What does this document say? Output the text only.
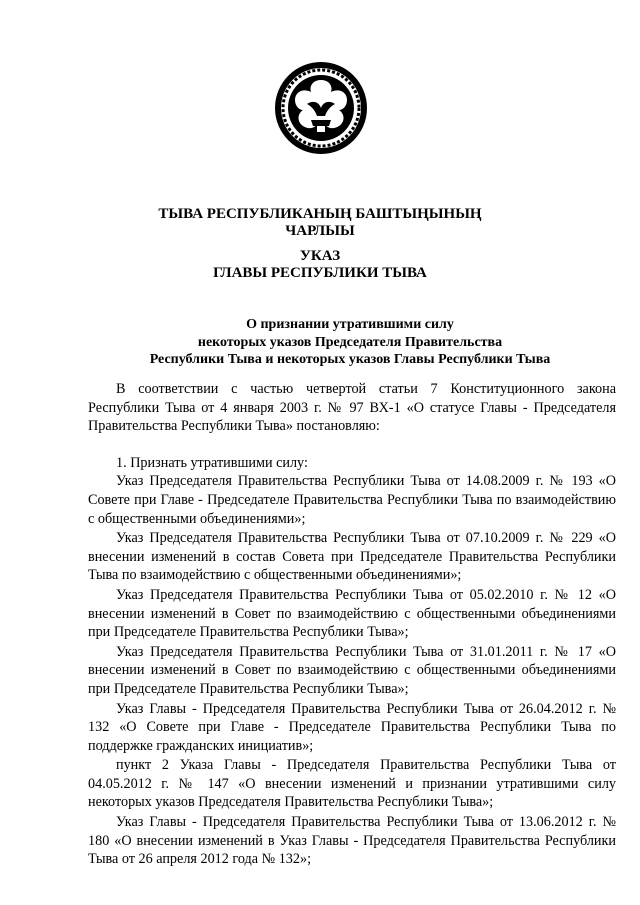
ТЫВА РЕСПУБЛИКАНЫҢ БАШТЫҢЫНЫҢ
ЧАРЛЫЫ
УКАЗ
ГЛАВЫ РЕСПУБЛИКИ ТЫВА
О признании утратившими силу
некоторых указов Председателя Правительства
Республики Тыва и некоторых указов Главы Республики Тыва

В соответствии с частью четвертой статьи 7 Конституционного закона Республики Тыва от 4 января 2003 г. № 97 ВХ-1 «О статусе Главы - Председателя Правительства Республики Тыва» постановляю:

1. Признать утратившими силу:

Указ Председателя Правительства Республики Тыва от 14.08.2009 г. № 193 «О Совете при Главе - Председателе Правительства Республики Тыва по взаимодействию с общественными объединениями»;

Указ Председателя Правительства Республики Тыва от 07.10.2009 г. № 229 «О внесении изменений в состав Совета при Председателе Правительства Республики Тыва по взаимодействию с общественными объединениями»;

Указ Председателя Правительства Республики Тыва от 05.02.2010 г. № 12 «О внесении изменений в Совет по взаимодействию с общественными объединениями при Председателе Правительства Республики Тыва»;

Указ Председателя Правительства Республики Тыва от 31.01.2011 г. № 17 «О внесении изменений в Совет по взаимодействию с общественными объединениями при Председателе Правительства Республики Тыва»;

Указ Главы - Председателя Правительства Республики Тыва от 26.04.2012 г. № 132 «О Совете при Главе - Председателе Правительства Республики Тыва по поддержке гражданских инициатив»;

пункт 2 Указа Главы - Председателя Правительства Республики Тыва от 04.05.2012 г. № 147 «О внесении изменений и признании утратившими силу некоторых указов Председателя Правительства Республики Тыва»;

Указ Главы - Председателя Правительства Республики Тыва от 13.06.2012 г. № 180 «О внесении изменений в Указ Главы - Председателя Правительства Республики Тыва от 26 апреля 2012 года № 132»;
